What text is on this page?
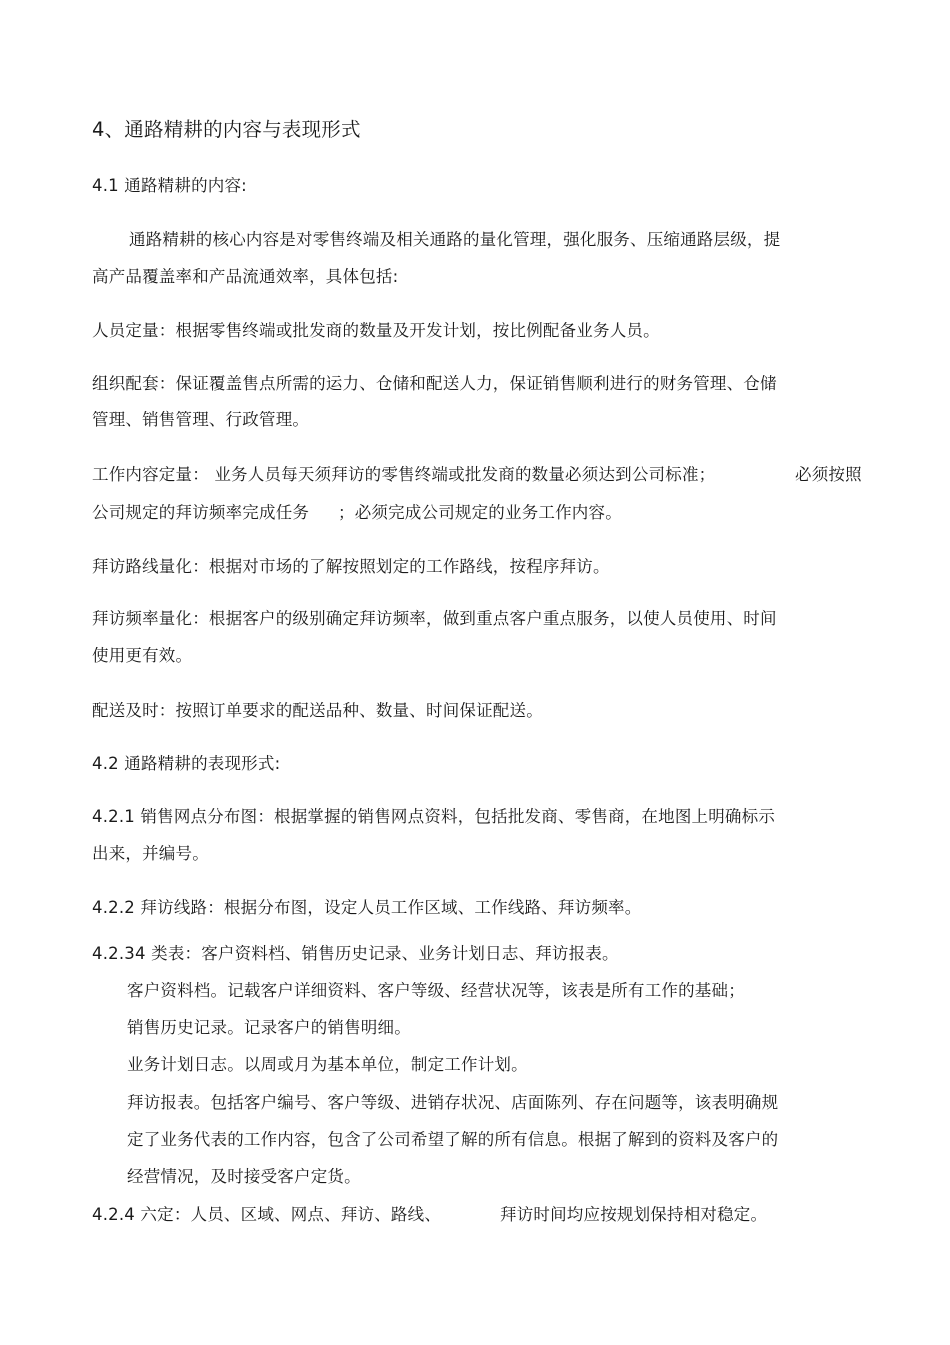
4、通路精耕的内容与表现形式
4.1 通路精耕的内容:
通路精耕的核心内容是对零售终端及相关通路的量化管理，强化服务、压缩通路层级，提
高产品覆盖率和产品流通效率，具体包括:
人员定量：根据零售终端或批发商的数量及开发计划，按比例配备业务人员。
组织配套：保证覆盖售点所需的运力、仓储和配送人力，保证销售顺利进行的财务管理、仓储
管理、销售管理、行政管理。
工作内容定量： 业务人员每天须拜访的零售终端或批发商的数量必须达到公司标准；	必须按照
公司规定的拜访频率完成任务 ；必须完成公司规定的业务工作内容。
拜访路线量化：根据对市场的了解按照划定的工作路线，按程序拜访。
拜访频率量化：根据客户的级别确定拜访频率，做到重点客户重点服务，以使人员使用、时间
使用更有效。
配送及时：按照订单要求的配送品种、数量、时间保证配送。
4.2 通路精耕的表现形式:
4.2.1 销售网点分布图：根据掌握的销售网点资料，包括批发商、零售商，在地图上明确标示
出来，并编号。
4.2.2 拜访线路：根据分布图，设定人员工作区域、工作线路、拜访频率。
4.2.34 类表：客户资料档、销售历史记录、业务计划日志、拜访报表。
客户资料档。记载客户详细资料、客户等级、经营状况等，该表是所有工作的基础；
销售历史记录。记录客户的销售明细。
业务计划日志。以周或月为基本单位，制定工作计划。
拜访报表。包括客户编号、客户等级、进销存状况、店面陈列、存在问题等，该表明确规
定了业务代表的工作内容，包含了公司希望了解的所有信息。根据了解到的资料及客户的
经营情况，及时接受客户定货。
4.2.4 六定：人员、区域、网点、拜访、路线、	拜访时间均应按规划保持相对稳定。
